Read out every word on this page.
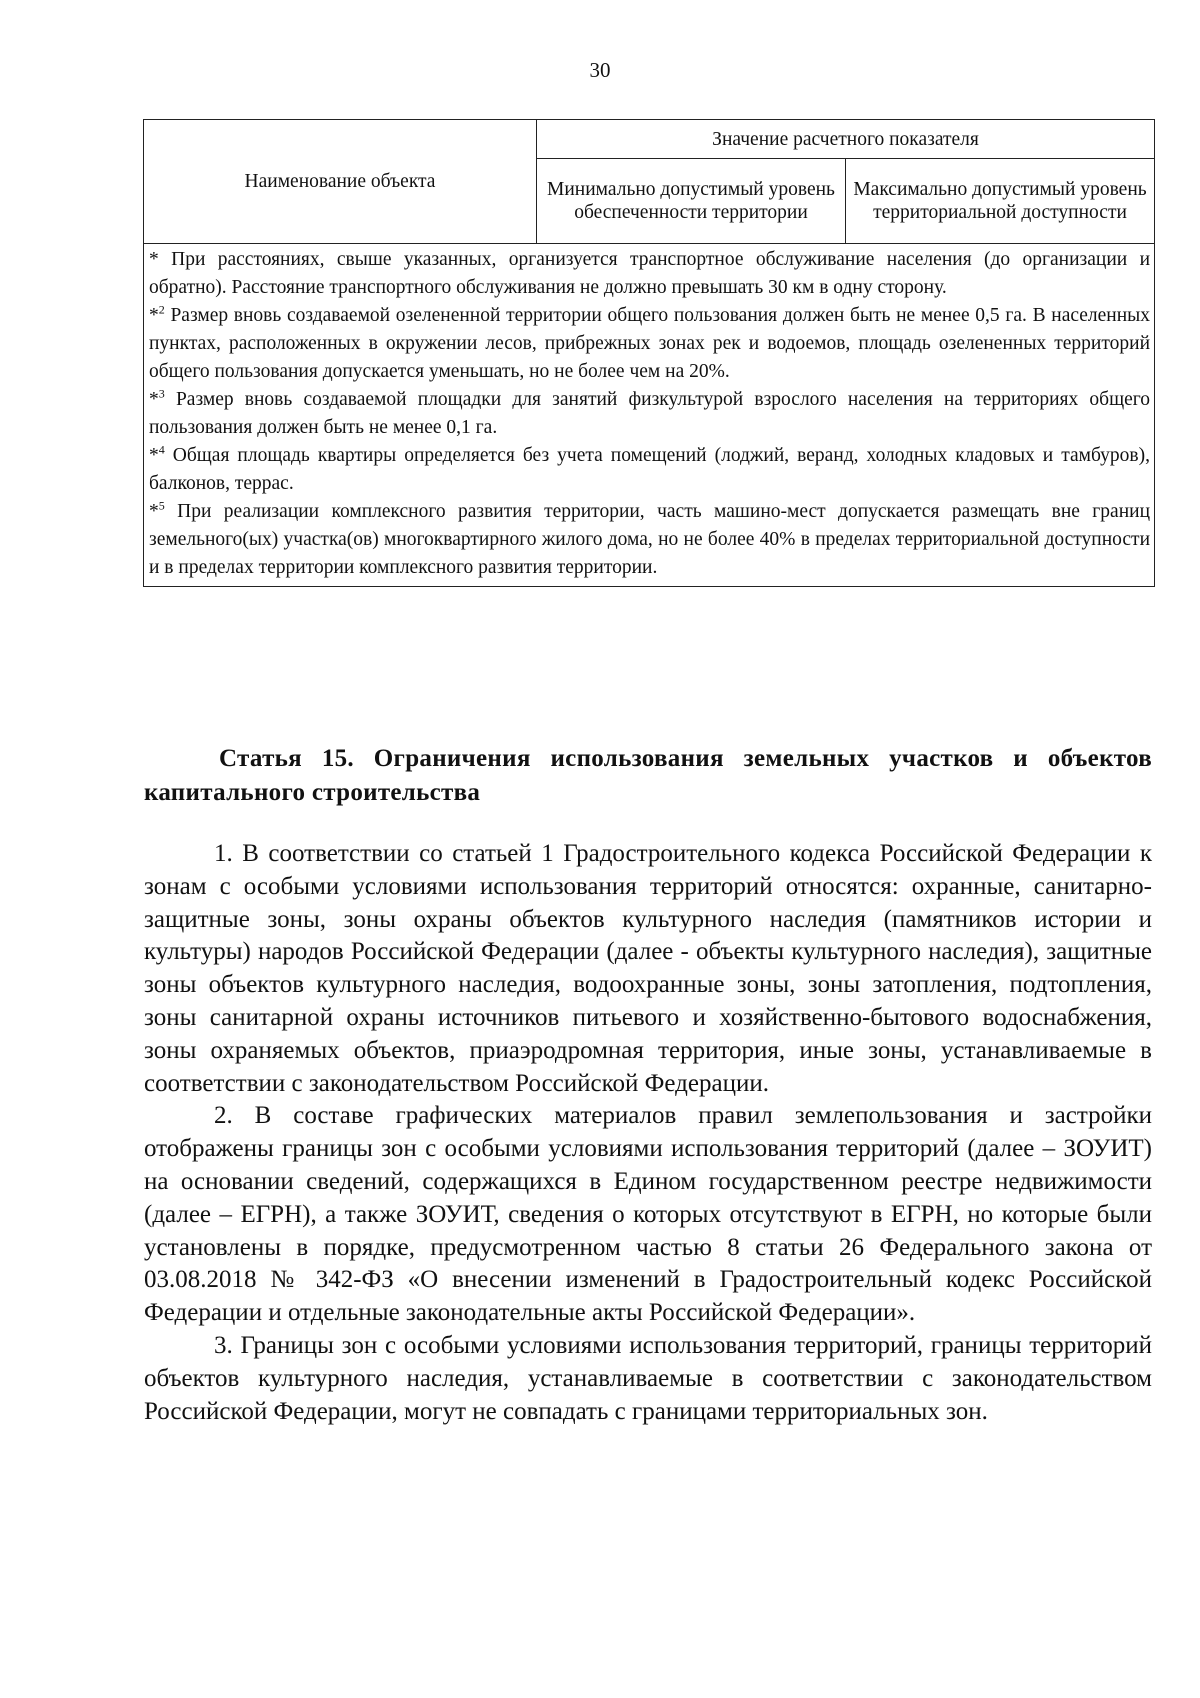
30
Наименование объекта	Значение расчетного показателя	
	Минимально допустимый уровень обеспеченности территории	Максимально допустимый уровень территориальной доступности

* При расстояниях, свыше указанных, организуется транспортное обслуживание населения (до организации и обратно). Расстояние транспортного обслуживания не должно превышать 30 км в одну сторону.

*$^2$ Размер вновь создаваемой озелененной территории общего пользования должен быть не менее 0,5 га. В населенных пунктах, расположенных в окружении лесов, прибрежных зонах рек и водоемов, площадь озелененных территорий общего пользования допускается уменьшать, но не более чем на 20%.

*$^3$ Размер вновь создаваемой площадки для занятий физкультурой взрослого населения на территориях общего пользования должен быть не менее 0,1 га.

*$^4$ Общая площадь квартиры определяется без учета помещений (лоджий, веранд, холодных кладовых и тамбуров), балконов, террас.

*$^5$ При реализации комплексного развития территории, часть машино-мест допускается размещать вне границ земельного(ых) участка(ов) многоквартирного жилого дома, но не более 40% в пределах территориальной доступности и в пределах территории комплексного развития территории.		

Статья 15. Ограничения использования земельных участков и объектов капитального строительства

1. В соответствии со статьей 1 Градостроительного кодекса Российской Федерации к зонам с особыми условиями использования территорий относятся: охранные, санитарно-защитные зоны, зоны охраны объектов культурного наследия (памятников истории и культуры) народов Российской Федерации (далее - объекты культурного наследия), защитные зоны объектов культурного наследия, водоохранные зоны, зоны затопления, подтопления, зоны санитарной охраны источников питьевого и хозяйственно-бытового водоснабжения, зоны охраняемых объектов, приаэродромная территория, иные зоны, устанавливаемые в соответствии с законодательством Российской Федерации.

2. В составе графических материалов правил землепользования и застройки отображены границы зон с особыми условиями использования территорий (далее – ЗОУИТ) на основании сведений, содержащихся в Едином государственном реестре недвижимости (далее – ЕГРН), а также ЗОУИТ, сведения о которых отсутствуют в ЕГРН, но которые были установлены в порядке, предусмотренном частью 8 статьи 26 Федерального закона от 03.08.2018 № 342-ФЗ «О внесении изменений в Градостроительный кодекс Российской Федерации и отдельные законодательные акты Российской Федерации».

3. Границы зон с особыми условиями использования территорий, границы территорий объектов культурного наследия, устанавливаемые в соответствии с законодательством Российской Федерации, могут не совпадать с границами территориальных зон.
